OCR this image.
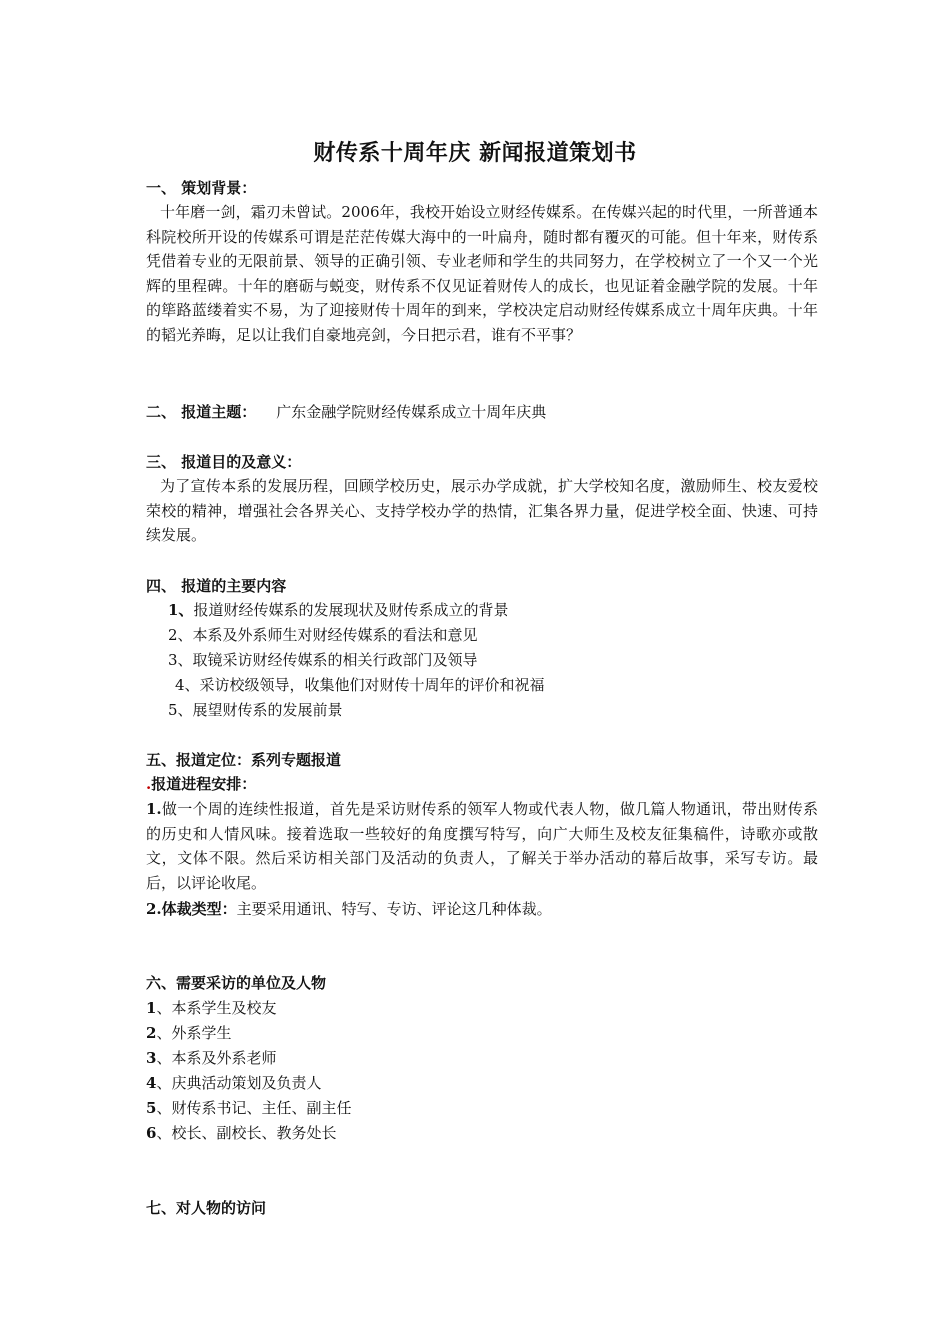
财传系十周年庆 新闻报道策划书
一、 策划背景：
十年磨一剑，霜刃未曾试。2006年，我校开始设立财经传媒系。在传媒兴起的时代里，一所普通本科院校所开设的传媒系可谓是茫茫传媒大海中的一叶扁舟，随时都有覆灭的可能。但十年来，财传系凭借着专业的无限前景、领导的正确引领、专业老师和学生的共同努力，在学校树立了一个又一个光辉的里程碑。十年的磨砺与蜕变，财传系不仅见证着财传人的成长，也见证着金融学院的发展。十年的筚路蓝缕着实不易，为了迎接财传十周年的到来，学校决定启动财经传媒系成立十周年庆典。十年的韬光养晦，足以让我们自豪地亮剑，今日把示君，谁有不平事？
二、 报道主题： 广东金融学院财经传媒系成立十周年庆典
三、 报道目的及意义：
为了宣传本系的发展历程，回顾学校历史，展示办学成就，扩大学校知名度，激励师生、校友爱校荣校的精神，增强社会各界关心、支持学校办学的热情，汇集各界力量，促进学校全面、快速、可持续发展。
四、 报道的主要内容
1、报道财经传媒系的发展现状及财传系成立的背景
2、本系及外系师生对财经传媒系的看法和意见
3、取镜采访财经传媒系的相关行政部门及领导
4、采访校级领导，收集他们对财传十周年的评价和祝福
5、展望财传系的发展前景
五、报道定位：系列专题报道
.报道进程安排：
1.做一个周的连续性报道，首先是采访财传系的领军人物或代表人物，做几篇人物通讯，带出财传系的历史和人情风味。接着选取一些较好的角度撰写特写，向广大师生及校友征集稿件，诗歌亦或散文，文体不限。然后采访相关部门及活动的负责人，了解关于举办活动的幕后故事，采写专访。最后，以评论收尾。
2.体裁类型：主要采用通讯、特写、专访、评论这几种体裁。
六、需要采访的单位及人物
1、本系学生及校友
2、外系学生
3、本系及外系老师
4、庆典活动策划及负责人
5、财传系书记、主任、副主任
6、校长、副校长、教务处长
七、对人物的访问
